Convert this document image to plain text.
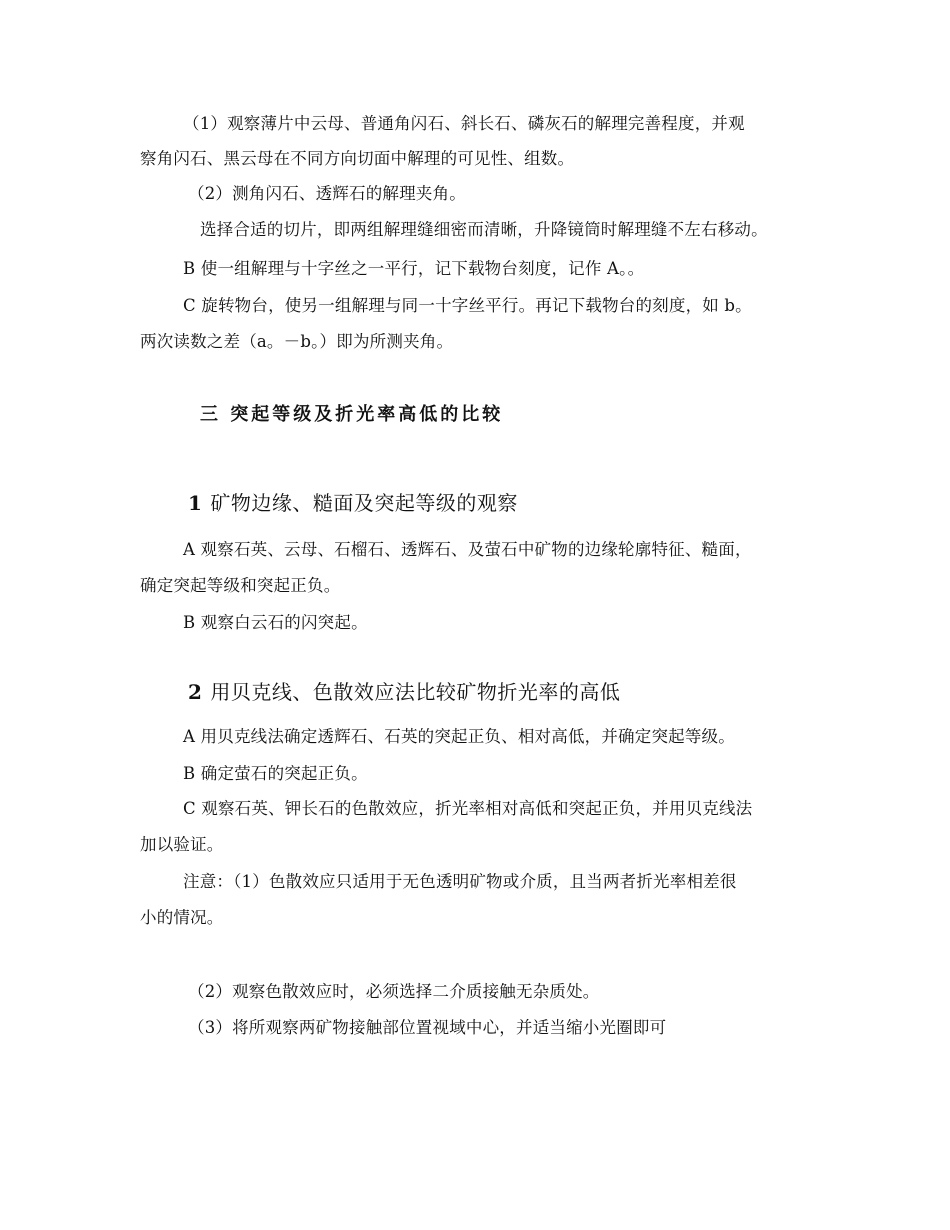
（1）观察薄片中云母、普通角闪石、斜长石、磷灰石的解理完善程度，并观
察角闪石、黑云母在不同方向切面中解理的可见性、组数。
（2）测角闪石、透辉石的解理夹角。
选择合适的切片，即两组解理缝细密而清晰，升降镜筒时解理缝不左右移动。
B 使一组解理与十字丝之一平行，记下载物台刻度，记作 A。。
C 旋转物台，使另一组解理与同一十字丝平行。再记下载物台的刻度，如 b。
两次读数之差（a。－b。）即为所测夹角。
三 突起等级及折光率高低的比较
1 矿物边缘、糙面及突起等级的观察
A 观察石英、云母、石榴石、透辉石、及萤石中矿物的边缘轮廓特征、糙面，
确定突起等级和突起正负。
B 观察白云石的闪突起。
2 用贝克线、色散效应法比较矿物折光率的高低
A 用贝克线法确定透辉石、石英的突起正负、相对高低，并确定突起等级。
B 确定萤石的突起正负。
C 观察石英、钾长石的色散效应，折光率相对高低和突起正负，并用贝克线法
加以验证。
注意：（1）色散效应只适用于无色透明矿物或介质，且当两者折光率相差很
小的情况。
（2）观察色散效应时，必须选择二介质接触无杂质处。
（3）将所观察两矿物接触部位置视域中心，并适当缩小光圈即可
